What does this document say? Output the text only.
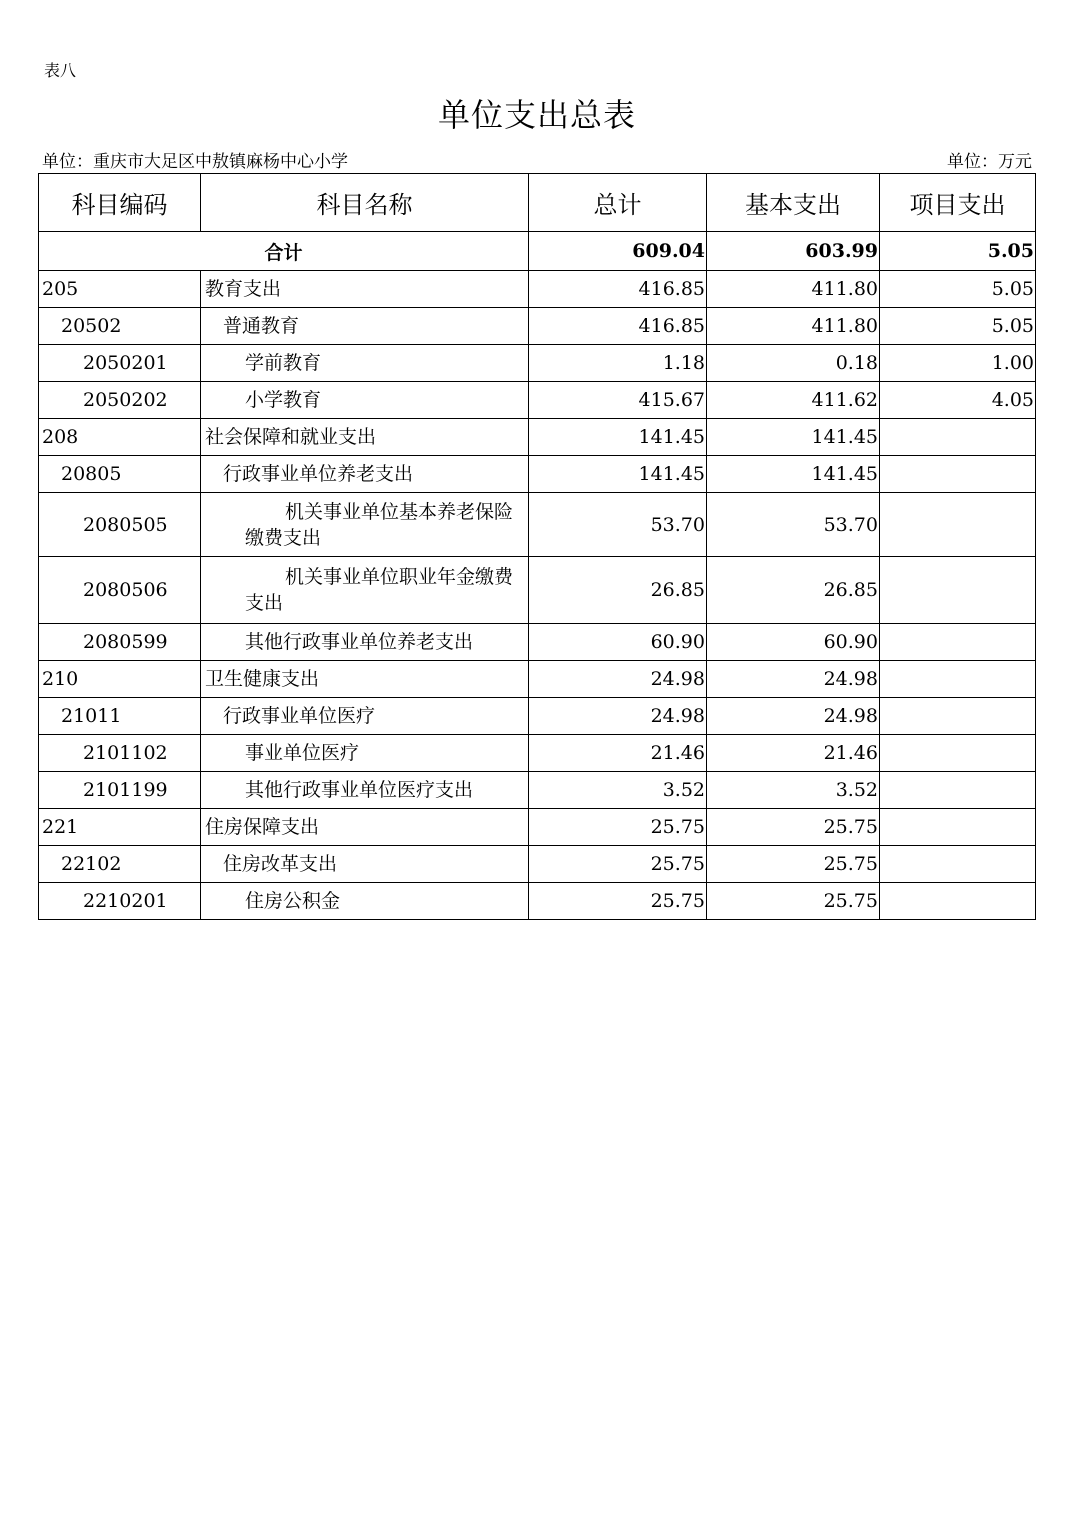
表八
单位支出总表
单位：重庆市大足区中敖镇麻杨中心小学	单位：万元
科目编码	科目名称	总计	基本支出	项目支出
合计		609.04	603.99	5.05
205	教育支出	416.85	411.80	5.05
20502	普通教育	416.85	411.80	5.05
2050201	学前教育	1.18	0.18	1.00
2050202	小学教育	415.67	411.62	4.05
208	社会保障和就业支出	141.45	141.45	
20805	行政事业单位养老支出	141.45	141.45	
2080505	机关事业单位基本养老保险缴费支出	53.70	53.70	
2080506	机关事业单位职业年金缴费支出	26.85	26.85	
2080599	其他行政事业单位养老支出	60.90	60.90	
210	卫生健康支出	24.98	24.98	
21011	行政事业单位医疗	24.98	24.98	
2101102	事业单位医疗	21.46	21.46	
2101199	其他行政事业单位医疗支出	3.52	3.52	
221	住房保障支出	25.75	25.75	
22102	住房改革支出	25.75	25.75	
2210201	住房公积金	25.75	25.75	
